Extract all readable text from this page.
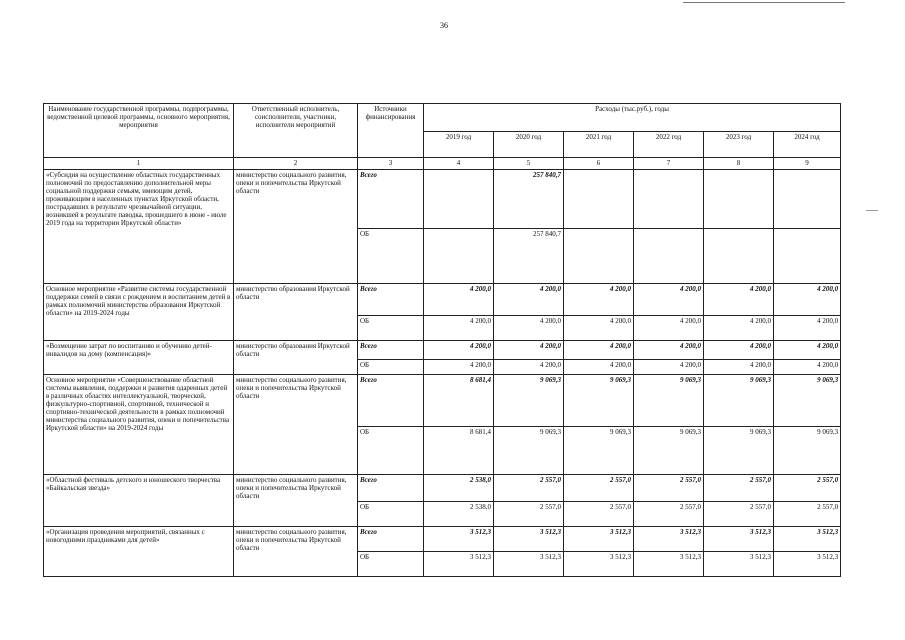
36
Наименование государственной программы, подпрограммы, ведомственной целевой программы, основного мероприятия, мероприятия	Ответственный исполнитель, соисполнители, участники, исполнители мероприятий	Источники финансирования	Расходы (тыс.руб.), годы					
			2019 год	2020 год	2021 год	2022 год	2023 год	2024 год
1	2	3	4	5	6	7	8	9
«Субсидия на осуществление областных государственных полномочий по предоставлению дополнительной меры социальной поддержки семьям, имеющим детей, проживающим в населенных пунктах Иркутской области, пострадавших в результате чрезвычайной ситуации, возникшей в результате паводка, прошедшего в июне - июле 2019 года на территории Иркутской области»	министерство социального развития, опеки и попечительства Иркутской области	Всего		257 840,7				
		ОБ		257 840,7				
Основное мероприятие «Развитие системы государственной поддержки семей в связи с рождением и воспитанием детей в рамках полномочий министерства образования Иркутской области» на 2019-2024 годы	министерство образования Иркутской области	Всего	4 200,0	4 200,0	4 200,0	4 200,0	4 200,0	4 200,0
		ОБ	4 200,0	4 200,0	4 200,0	4 200,0	4 200,0	4 200,0
«Возмещение затрат по воспитанию и обучению детей-инвалидов на дому (компенсация)»	министерство образования Иркутской области	Всего	4 200,0	4 200,0	4 200,0	4 200,0	4 200,0	4 200,0
		ОБ	4 200,0	4 200,0	4 200,0	4 200,0	4 200,0	4 200,0
Основное мероприятие «Совершенствование областной системы выявления, поддержки и развития одаренных детей в различных областях интеллектуальной, творческой, физкультурно-спортивной, спортивной, технической и спортивно-технической деятельности в рамках полномочий министерства социального развития, опеки и попечительства Иркутской области» на 2019-2024 годы	министерство социального развития, опеки и попечительства Иркутской области	Всего	8 681,4	9 069,3	9 069,3	9 069,3	9 069,3	9 069,3
		ОБ	8 681,4	9 069,3	9 069,3	9 069,3	9 069,3	9 069,3
«Областной фестиваль детского и юношеского творчества «Байкальская звезда»	министерство социального развития, опеки и попечительства Иркутской области	Всего	2 538,0	2 557,0	2 557,0	2 557,0	2 557,0	2 557,0
		ОБ	2 538,0	2 557,0	2 557,0	2 557,0	2 557,0	2 557,0
«Организация проведения мероприятий, связанных с новогодними праздниками для детей»	министерство социального развития, опеки и попечительства Иркутской области	Всего	3 512,3	3 512,3	3 512,3	3 512,3	3 512,3	3 512,3
		ОБ	3 512,3	3 512,3	3 512,3	3 512,3	3 512,3	3 512,3
